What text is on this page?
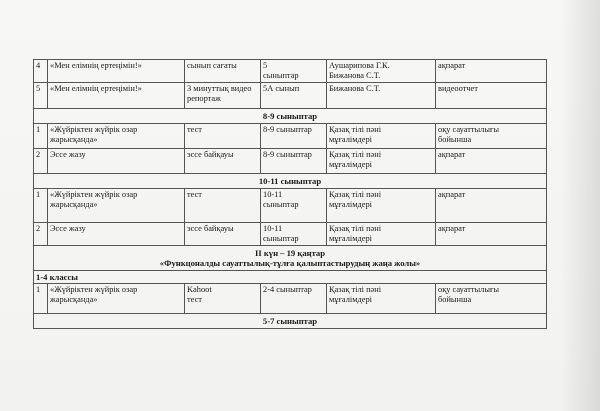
4	«Мен елімнің ертеңімін!»	сынып сағаты	5
сыныптар	Аушарипова Г.К.
Бижанова С.Т.	ақпарат
5	«Мен елімнің ертеңімін!»	3 минуттық видео
репортаж	5А сынып	Бижанова С.Т.	видеоотчет
8-9 сыныптар					
1	«Жүйріктен жүйрік озар
жарысқанда»	тест	8-9 сыныптар	Қазақ тілі пәні
мұғалімдері	оқу сауаттылығы
бойынша
2	Эссе жазу	эссе байқауы	8-9 сыныптар	Қазақ тілі пәні
мұғалімдері	ақпарат
10-11 сыныптар					
1	«Жүйріктен жүйрік озар
жарысқанда»	тест	10-11
сыныптар	Қазақ тілі пәні
мұғалімдері	ақпарат
2	Эссе жазу	эссе байқауы	10-11
сыныптар	Қазақ тілі пәні
мұғалімдері	ақпарат

II күн – 19 қаңтар
«Функцоналды сауаттылық-тұлға қалыптастырудың жаңа жолы»					

1-4 классы					
1	«Жүйріктен жүйрік озар
жарысқанда»	Kahoot
тест	2-4 сыныптар	Қазақ тілі пәні
мұғалімдері	оқу сауаттылығы
бойынша
5-7 сыныптар					
